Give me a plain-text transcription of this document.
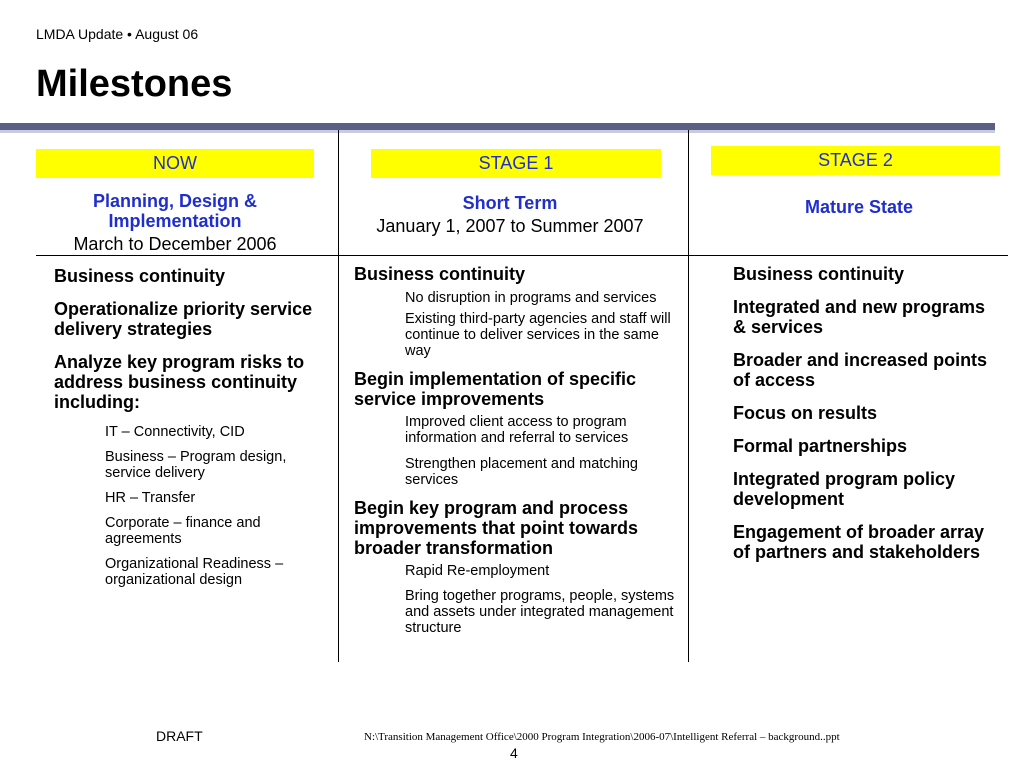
LMDA Update • August 06
Milestones
NOW
Planning, Design & Implementation
March to December 2006
STAGE 1
Short Term
January 1, 2007 to Summer 2007
STAGE 2
Mature State
Business continuity
Operationalize priority service delivery strategies
Analyze key program risks to address business continuity including:
IT – Connectivity, CID
Business – Program design, service delivery
HR – Transfer
Corporate – finance and agreements
Organizational Readiness – organizational design
Business continuity
No disruption in programs and services
Existing third-party agencies and staff will continue to deliver services in the same way
Begin implementation of specific service improvements
Improved client access to program information and referral to services
Strengthen placement and matching services
Begin key program and process improvements that point towards broader transformation
Rapid Re-employment
Bring together programs, people, systems and assets under integrated management structure
Business continuity
Integrated and new programs & services
Broader and increased points of access
Focus on results
Formal partnerships
Integrated program policy development
Engagement of broader array of partners and stakeholders
DRAFT	N:\Transition Management Office\2000 Program Integration\2006-07\Intelligent Referral – background..ppt
4
